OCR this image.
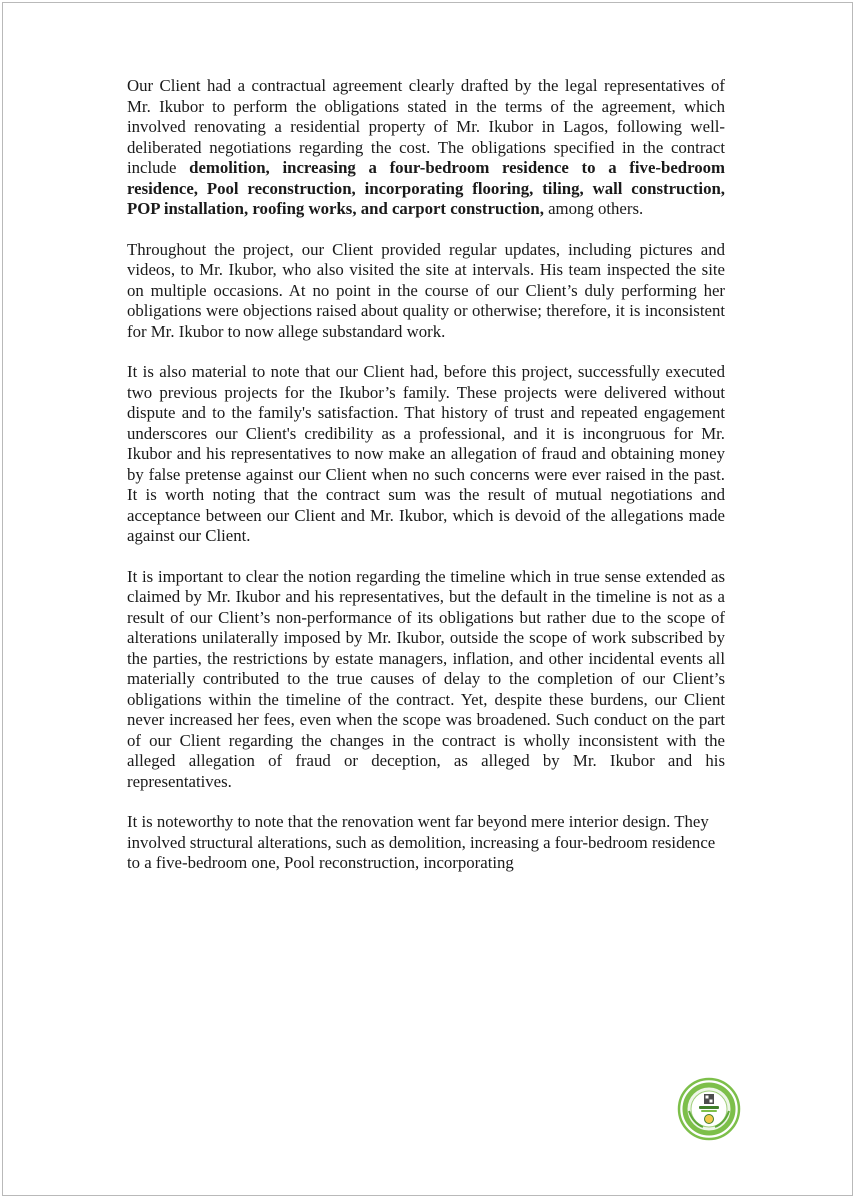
Our Client had a contractual agreement clearly drafted by the legal representatives of Mr. Ikubor to perform the obligations stated in the terms of the agreement, which involved renovating a residential property of Mr. Ikubor in Lagos, following well-deliberated negotiations regarding the cost. The obligations specified in the contract include demolition, increasing a four-bedroom residence to a five-bedroom residence, Pool reconstruction, incorporating flooring, tiling, wall construction, POP installation, roofing works, and carport construction, among others.

Throughout the project, our Client provided regular updates, including pictures and videos, to Mr. Ikubor, who also visited the site at intervals. His team inspected the site on multiple occasions. At no point in the course of our Client’s duly performing her obligations were objections raised about quality or otherwise; therefore, it is inconsistent for Mr. Ikubor to now allege substandard work.

It is also material to note that our Client had, before this project, successfully executed two previous projects for the Ikubor’s family. These projects were delivered without dispute and to the family's satisfaction. That history of trust and repeated engagement underscores our Client's credibility as a professional, and it is incongruous for Mr. Ikubor and his representatives to now make an allegation of fraud and obtaining money by false pretense against our Client when no such concerns were ever raised in the past. It is worth noting that the contract sum was the result of mutual negotiations and acceptance between our Client and Mr. Ikubor, which is devoid of the allegations made against our Client.

It is important to clear the notion regarding the timeline which in true sense extended as claimed by Mr. Ikubor and his representatives, but the default in the timeline is not as a result of our Client’s non-performance of its obligations but rather due to the scope of alterations unilaterally imposed by Mr. Ikubor, outside the scope of work subscribed by the parties, the restrictions by estate managers, inflation, and other incidental events all materially contributed to the true causes of delay to the completion of our Client’s obligations within the timeline of the contract. Yet, despite these burdens, our Client never increased her fees, even when the scope was broadened. Such conduct on the part of our Client regarding the changes in the contract is wholly inconsistent with the alleged allegation of fraud or deception, as alleged by Mr. Ikubor and his representatives.

It is noteworthy to note that the renovation went far beyond mere interior design. They involved structural alterations, such as demolition, increasing a four-bedroom residence to a five-bedroom one, Pool reconstruction, incorporating
